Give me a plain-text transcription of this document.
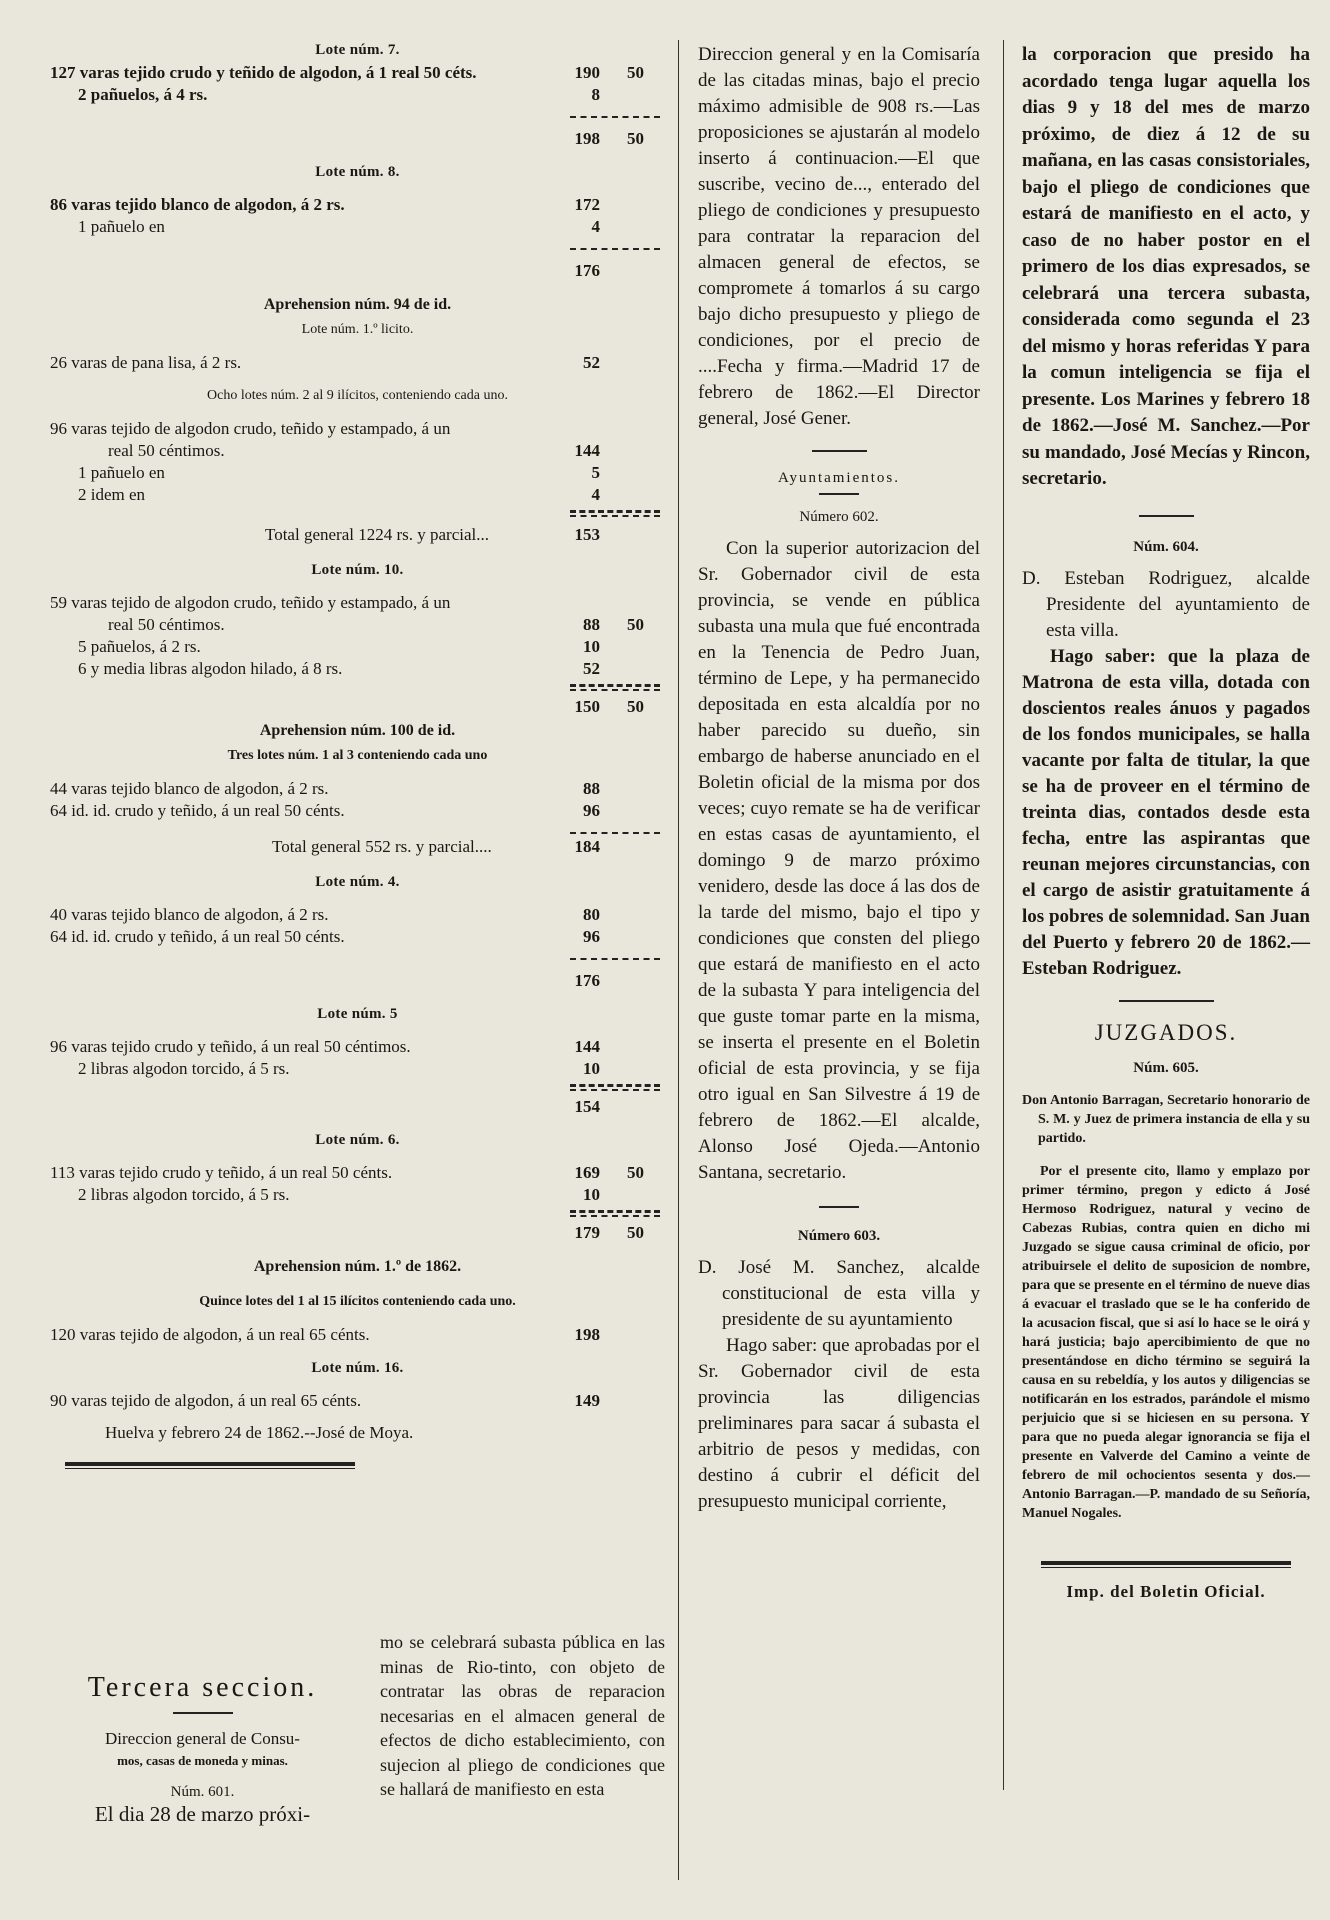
Lote núm. 7.

127 varas tejido crudo y teñido de algodon, á 1 real 50 céts.	190	50
2 pañuelos, á 4 rs.	8
198	50

Lote núm. 8.

86 varas tejido blanco de algodon, á 2 rs.	172
1 pañuelo en	4
176

Aprehension núm. 94 de id.

Lote núm. 1.º licito.

26 varas de pana lisa, á 2 rs.	52

Ocho lotes núm. 2 al 9 ilícitos, conteniendo cada uno.

96 varas tejido de algodon crudo, teñido y estampado, á un
real 50 céntimos.	144
1 pañuelo en	5
2 idem en	4
Total general 1224 rs. y parcial...	153

Lote núm. 10.

59 varas tejido de algodon crudo, teñido y estampado, á un
real 50 céntimos.	88	50
5 pañuelos, á 2 rs.	10
6 y media libras algodon hilado, á 8 rs.	52
150	50

Aprehension núm. 100 de id.

Tres lotes núm. 1 al 3 conteniendo cada uno

44 varas tejido blanco de algodon, á 2 rs.	88
64 id. id. crudo y teñido, á un real 50 cénts.	96
Total general 552 rs. y parcial....	184

Lote núm. 4.

40 varas tejido blanco de algodon, á 2 rs.	80
64 id. id. crudo y teñido, á un real 50 cénts.	96
176

Lote núm. 5

96 varas tejido crudo y teñido, á un real 50 céntimos.	144
2 libras algodon torcido, á 5 rs.	10
154

Lote núm. 6.

113 varas tejido crudo y teñido, á un real 50 cénts.	169	50
2 libras algodon torcido, á 5 rs.	10
179	50

Aprehension núm. 1.º de 1862.

Quince lotes del 1 al 15 ilícitos conteniendo cada uno.

120 varas tejido de algodon, á un real 65 cénts.	198

Lote núm. 16.

90 varas tejido de algodon, á un real 65 cénts.	149
Huelva y febrero 24 de 1862.--José de Moya.

Tercera seccion.

Direccion general de Consu-
mos, casas de moneda y minas.

Núm. 601.

El dia 28 de marzo próxi-

mo se celebrará subasta pública en las minas de Rio-tinto, con objeto de contratar las obras de reparacion necesarias en el almacen general de efectos de dicho establecimiento, con sujecion al pliego de condiciones que se hallará de manifiesto en esta

Direccion general y en la Comisaría de las citadas minas, bajo el precio máximo admisible de 908 rs.—Las proposiciones se ajustarán al modelo inserto á continuacion.—El que suscribe, vecino de..., enterado del pliego de condiciones y presupuesto para contratar la reparacion del almacen general de efectos, se compromete á tomarlos á su cargo bajo dicho presupuesto y pliego de condiciones, por el precio de ....Fecha y firma.—Madrid 17 de febrero de 1862.—El Director general, José Gener.

Ayuntamientos.

Número 602.

Con la superior autorizacion del Sr. Gobernador civil de esta provincia, se vende en pública subasta una mula que fué encontrada en la Tenencia de Pedro Juan, término de Lepe, y ha permanecido depositada en esta alcaldía por no haber parecido su dueño, sin embargo de haberse anunciado en el Boletin oficial de la misma por dos veces; cuyo remate se ha de verificar en estas casas de ayuntamiento, el domingo 9 de marzo próximo venidero, desde las doce á las dos de la tarde del mismo, bajo el tipo y condiciones que consten del pliego que estará de manifiesto en el acto de la subasta Y para inteligencia del que guste tomar parte en la misma, se inserta el presente en el Boletin oficial de esta provincia, y se fija otro igual en San Silvestre á 19 de febrero de 1862.—El alcalde, Alonso José Ojeda.—Antonio Santana, secretario.

Número 603.

D. José M. Sanchez, alcalde constitucional de esta villa y presidente de su ayuntamiento

Hago saber: que aprobadas por el Sr. Gobernador civil de esta provincia las diligencias preliminares para sacar á subasta el arbitrio de pesos y medidas, con destino á cubrir el déficit del presupuesto municipal corriente,

la corporacion que presido ha acordado tenga lugar aquella los dias 9 y 18 del mes de marzo próximo, de diez á 12 de su mañana, en las casas consistoriales, bajo el pliego de condiciones que estará de manifiesto en el acto, y caso de no haber postor en el primero de los dias expresados, se celebrará una tercera subasta, considerada como segunda el 23 del mismo y horas referidas Y para la comun inteligencia se fija el presente. Los Marines y febrero 18 de 1862.—José M. Sanchez.—Por su mandado, José Mecías y Rincon, secretario.

Núm. 604.

D. Esteban Rodriguez, alcalde Presidente del ayuntamiento de esta villa.

Hago saber: que la plaza de Matrona de esta villa, dotada con doscientos reales ánuos y pagados de los fondos municipales, se halla vacante por falta de titular, la que se ha de proveer en el término de treinta dias, contados desde esta fecha, entre las aspirantas que reunan mejores circunstancias, con el cargo de asistir gratuitamente á los pobres de solemnidad. San Juan del Puerto y febrero 20 de 1862.—Esteban Rodriguez.

JUZGADOS.

Núm. 605.

Don Antonio Barragan, Secretario honorario de S. M. y Juez de primera instancia de ella y su partido.

Por el presente cito, llamo y emplazo por primer término, pregon y edicto á José Hermoso Rodriguez, natural y vecino de Cabezas Rubias, contra quien en dicho mi Juzgado se sigue causa criminal de oficio, por atribuirsele el delito de suposicion de nombre, para que se presente en el término de nueve dias á evacuar el traslado que se le ha conferido de la acusacion fiscal, que si así lo hace se le oirá y hará justicia; bajo apercibimiento de que no presentándose en dicho término se seguirá la causa en su rebeldía, y los autos y diligencias se notificarán en los estrados, parándole el mismo perjuicio que si se hiciesen en su persona. Y para que no pueda alegar ignorancia se fija el presente en Valverde del Camino a veinte de febrero de mil ochocientos sesenta y dos.—Antonio Barragan.—P. mandado de su Señoría, Manuel Nogales.

Imp. del Boletin Oficial.
